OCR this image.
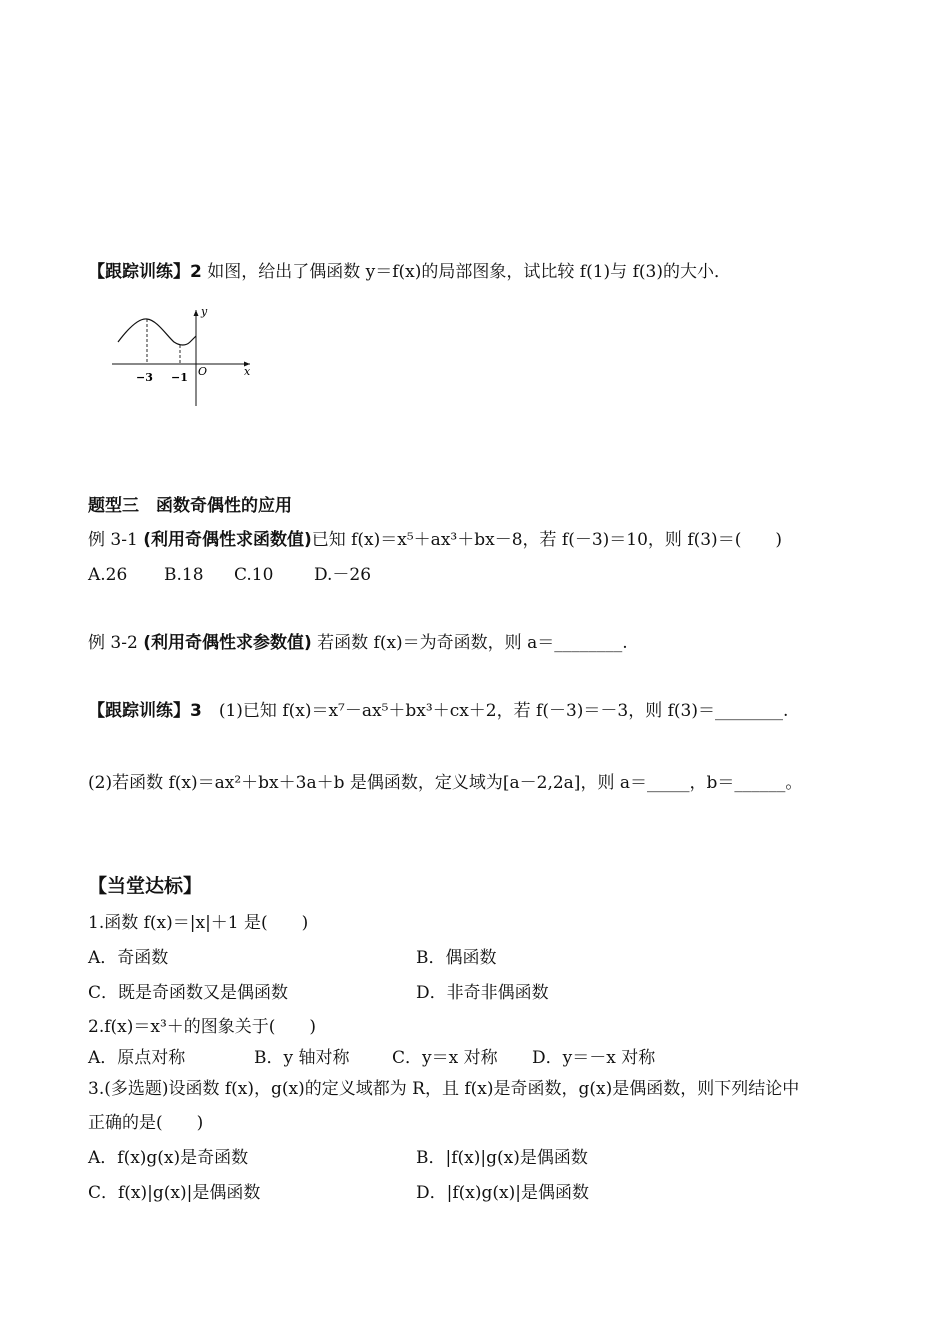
【跟踪训练】2 如图，给出了偶函数 y＝f(x)的局部图象，试比较 f(1)与 f(3)的大小．
y
x
O
−3 −1
题型三　函数奇偶性的应用
例 3-1 (利用奇偶性求函数值)已知 f(x)＝x⁵＋ax³＋bx－8，若 f(－3)＝10，则 f(3)＝(　　)
A.26 B.18 C.10 D.－26
例 3-2 (利用奇偶性求参数值) 若函数 f(x)＝为奇函数，则 a＝________.
【跟踪训练】3　(1)已知 f(x)＝x⁷－ax⁵＋bx³＋cx＋2，若 f(－3)＝－3，则 f(3)＝________.
(2)若函数 f(x)＝ax²＋bx＋3a＋b 是偶函数，定义域为[a－2,2a]，则 a＝_____，b＝______。
【当堂达标】
1.函数 f(x)＝|x|＋1 是(　　)
A．奇函数	B．偶函数
C．既是奇函数又是偶函数	D．非奇非偶函数
2.f(x)＝x³＋的图象关于(　　)
A．原点对称	B．y 轴对称 C．y＝x 对称 D．y＝－x 对称
3.(多选题)设函数 f(x)，g(x)的定义域都为 R，且 f(x)是奇函数，g(x)是偶函数，则下列结论中
正确的是(　　)
A．f(x)g(x)是奇函数	B．|f(x)|g(x)是偶函数
C．f(x)|g(x)|是偶函数	D．|f(x)g(x)|是偶函数
